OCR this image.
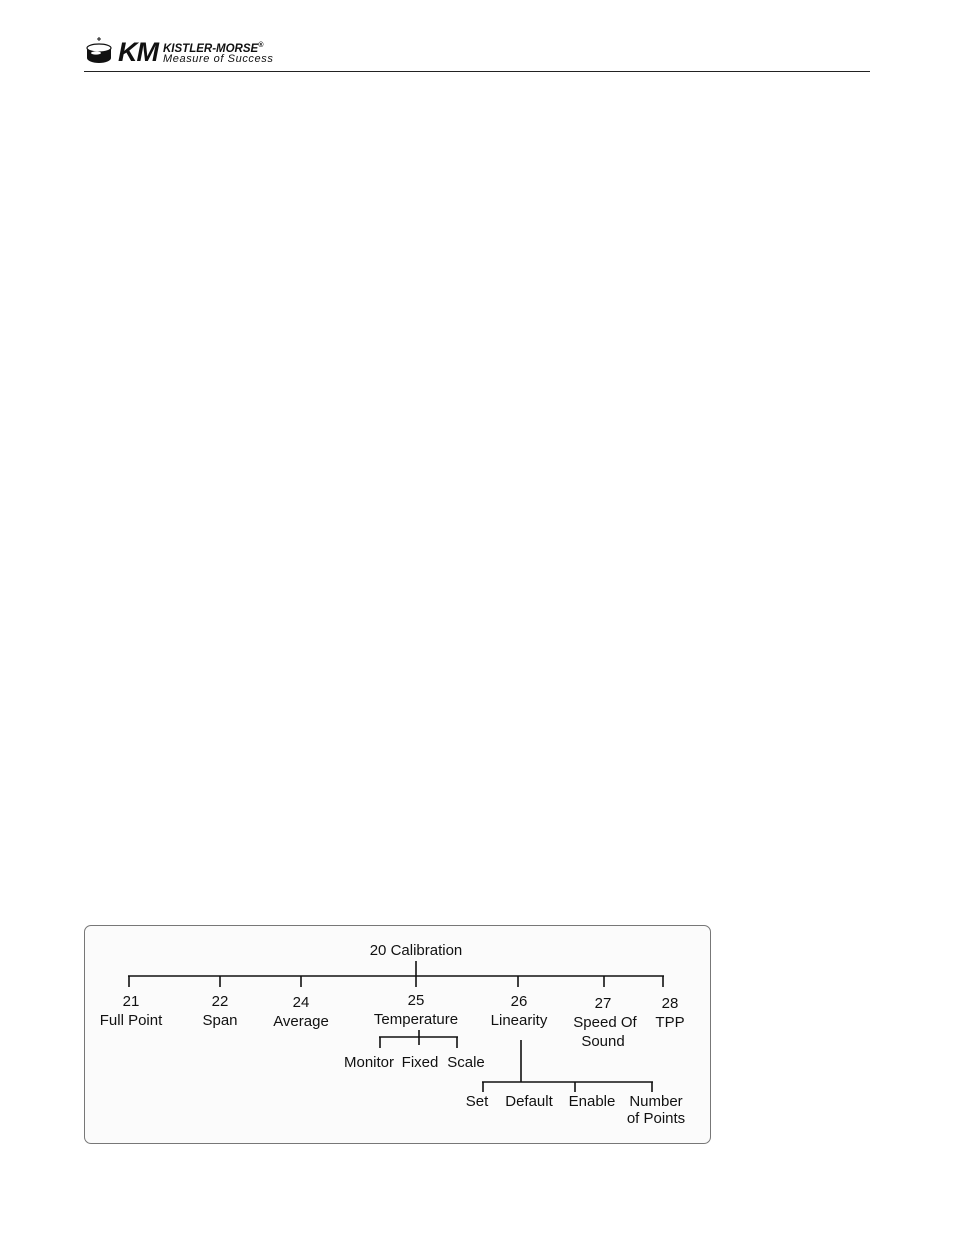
KM KISTLER-MORSE®
Measure of Success
20 Calibration
21
Full Point
22
Span
24
Average
25
Temperature
Monitor Fixed Scale
26
Linearity
Set Default Enable Number of Points
27
Speed Of Sound
28
TPP
